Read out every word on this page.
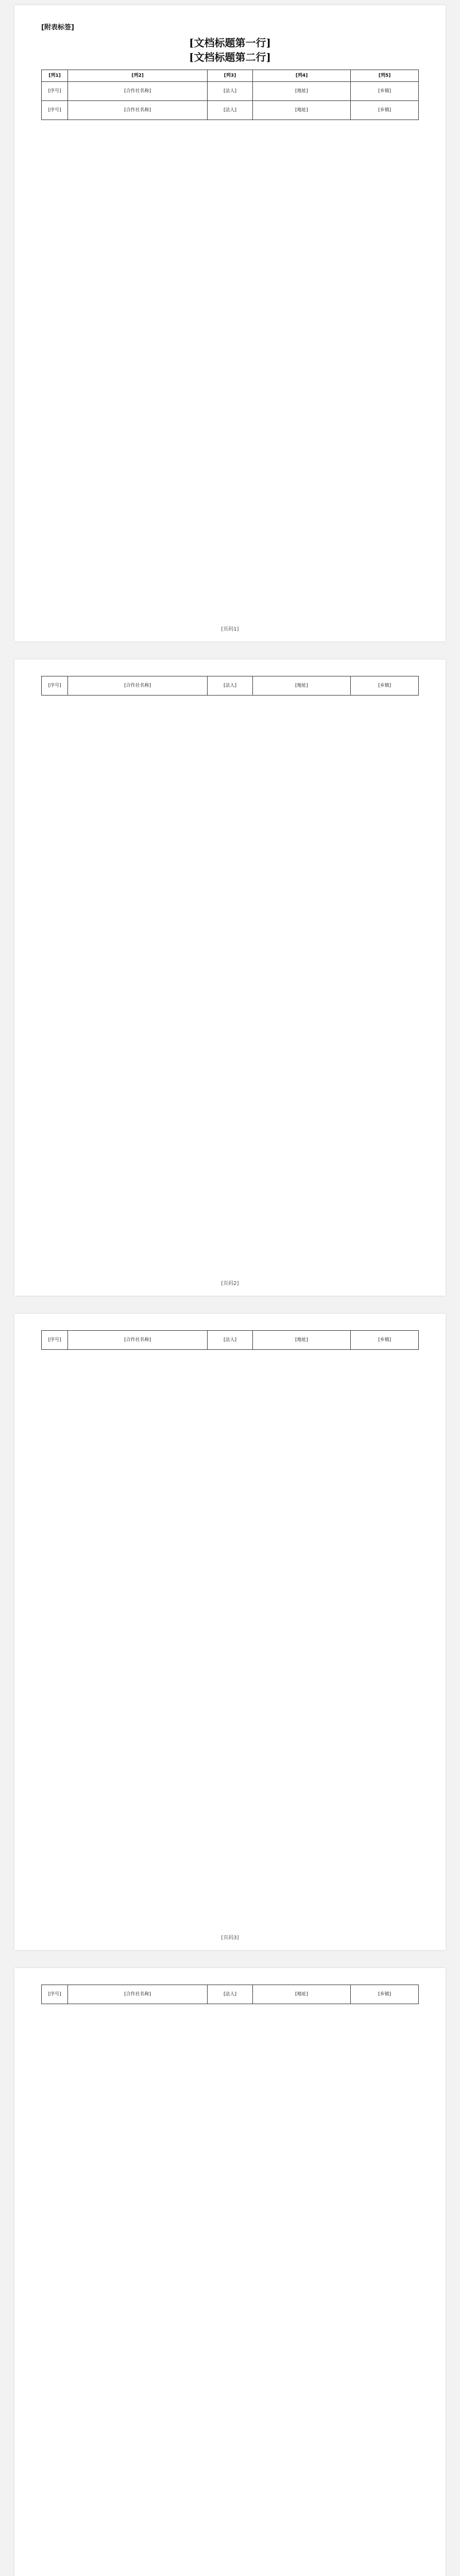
[附表标签]
[文档标题第一行]
[文档标题第二行]
[列1]	[列2]	[列3]	[列4]	[列5]
[序号]	[合作社名称]	[法人]	[地址]	[乡镇]
[序号]	[合作社名称]	[法人]	[地址]	[乡镇]
[页码1]
[序号]	[合作社名称]	[法人]	[地址]	[乡镇]
[页码2]
[序号]	[合作社名称]	[法人]	[地址]	[乡镇]
[页码3]
[序号]	[合作社名称]	[法人]	[地址]	[乡镇]
